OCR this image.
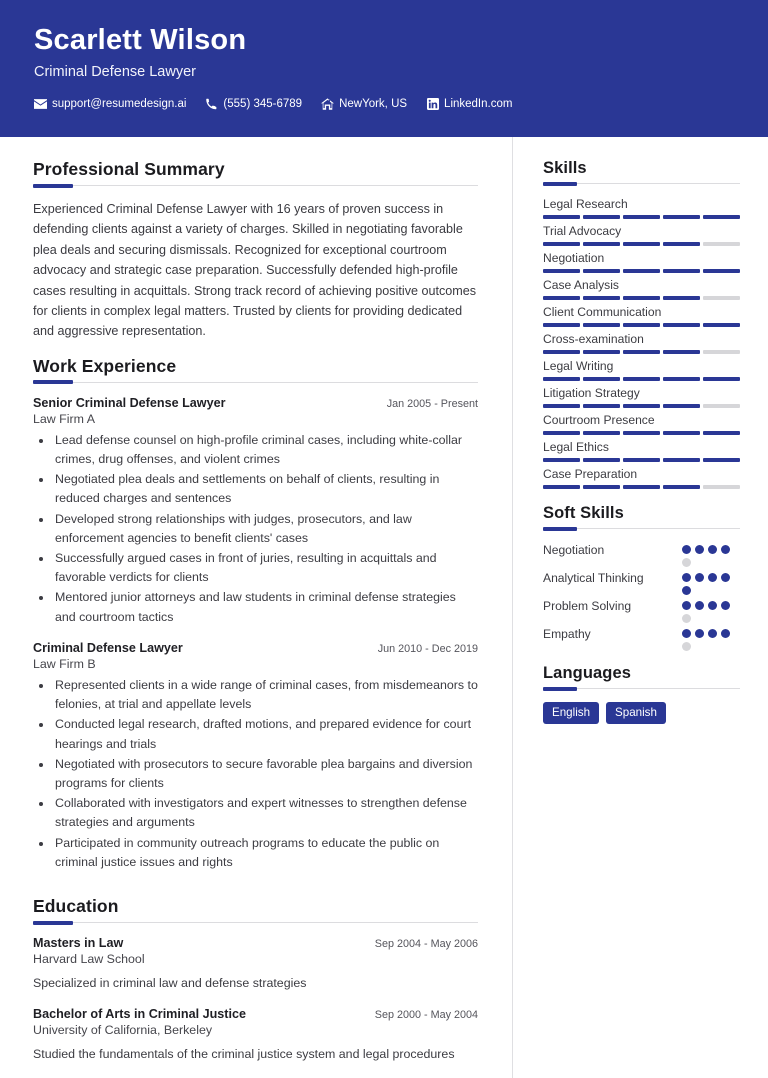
Scarlett Wilson
Criminal Defense Lawyer
support@resumedesign.ai	(555) 345-6789	NewYork, US	LinkedIn.com
Professional Summary
Experienced Criminal Defense Lawyer with 16 years of proven success in defending clients against a variety of charges. Skilled in negotiating favorable plea deals and securing dismissals. Recognized for exceptional courtroom advocacy and strategic case preparation. Successfully defended high-profile cases resulting in acquittals. Strong track record of achieving positive outcomes for clients in complex legal matters. Trusted by clients for providing dedicated and aggressive representation.
Work Experience
Senior Criminal Defense Lawyer	Jan 2005 - Present
Law Firm A
• Lead defense counsel on high-profile criminal cases, including white-collar crimes, drug offenses, and violent crimes
• Negotiated plea deals and settlements on behalf of clients, resulting in reduced charges and sentences
• Developed strong relationships with judges, prosecutors, and law enforcement agencies to benefit clients' cases
• Successfully argued cases in front of juries, resulting in acquittals and favorable verdicts for clients
• Mentored junior attorneys and law students in criminal defense strategies and courtroom tactics
Criminal Defense Lawyer	Jun 2010 - Dec 2019
Law Firm B
• Represented clients in a wide range of criminal cases, from misdemeanors to felonies, at trial and appellate levels
• Conducted legal research, drafted motions, and prepared evidence for court hearings and trials
• Negotiated with prosecutors to secure favorable plea bargains and diversion programs for clients
• Collaborated with investigators and expert witnesses to strengthen defense strategies and arguments
• Participated in community outreach programs to educate the public on criminal justice issues and rights
Education
Masters in Law	Sep 2004 - May 2006
Harvard Law School
Specialized in criminal law and defense strategies
Bachelor of Arts in Criminal Justice	Sep 2000 - May 2004
University of California, Berkeley
Studied the fundamentals of the criminal justice system and legal procedures
Skills
Legal Research
Trial Advocacy
Negotiation
Case Analysis
Client Communication
Cross-examination
Legal Writing
Litigation Strategy
Courtroom Presence
Legal Ethics
Case Preparation
Soft Skills
Negotiation
Analytical Thinking
Problem Solving
Empathy
Languages
English	Spanish
